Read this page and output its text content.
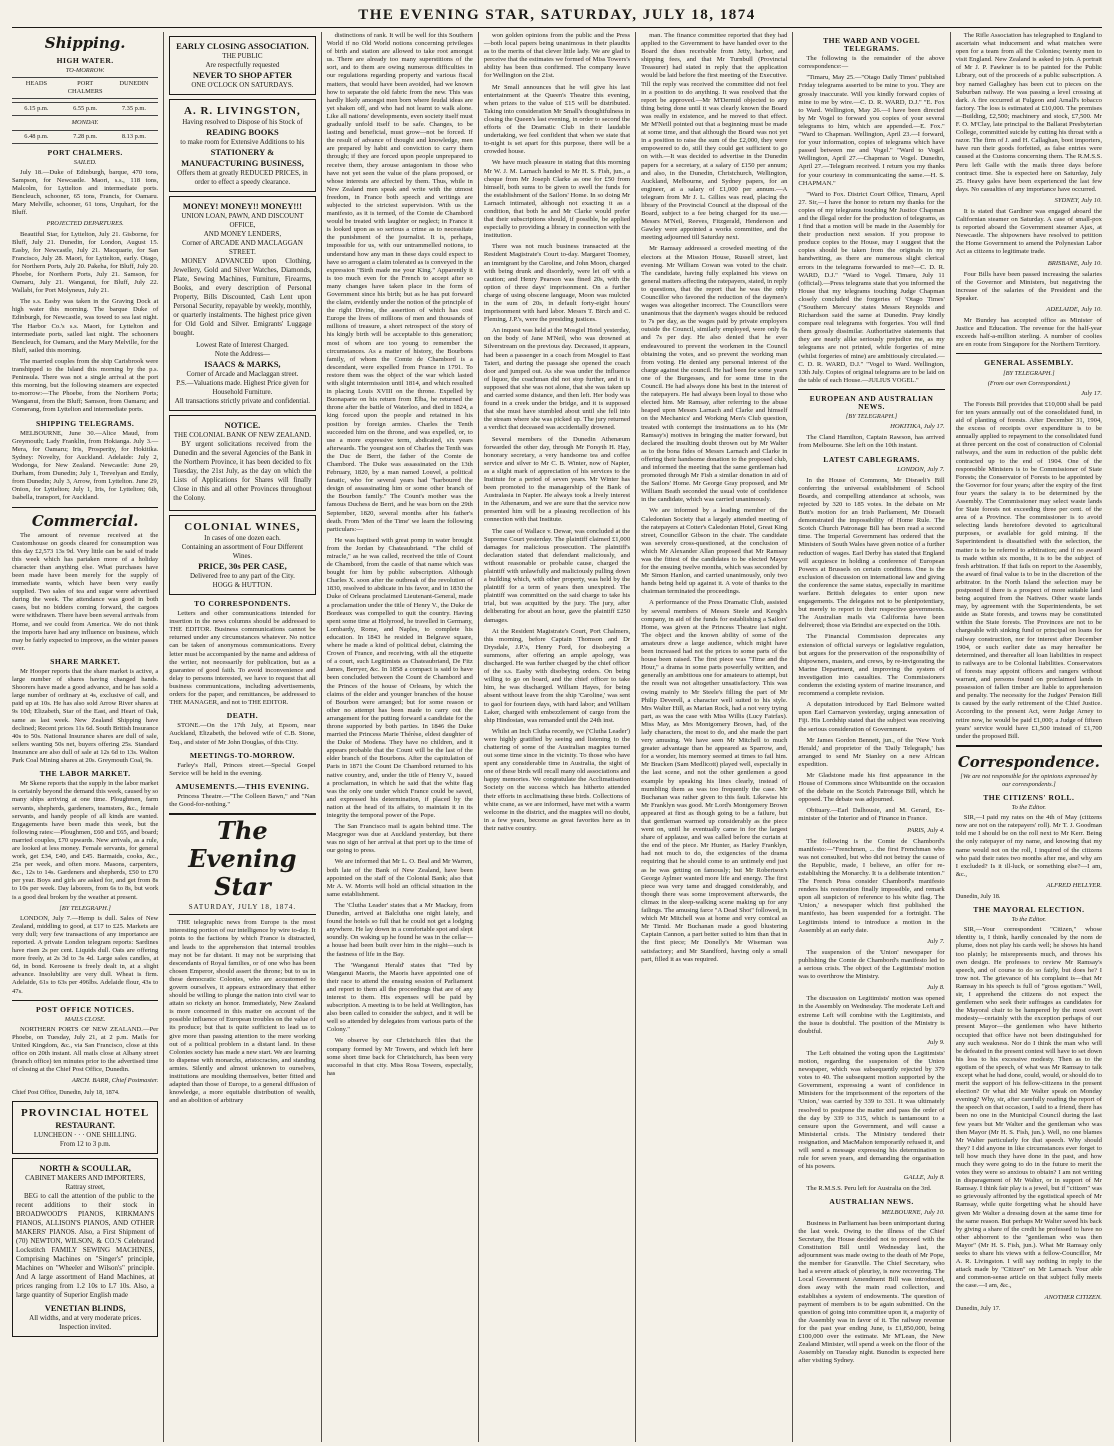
THE EVENING STAR, SATURDAY, JULY 18, 1874
Shipping.
HIGH WATER.
TO-MORROW.
HEADS	PORT CHALMERS
DUNEDIN
6.15 p.m.	6.55 p.m.	7.35 p.m.
MONDAY.
6.48 p.m.	7.28 p.m.	8.13 p.m.
PORT CHALMERS.
SAILED.

July 18.—Duke of Edinburgh, barque, 470 tons, Sampson, for Newcastle. Maori, s.s., 118 tons, Malcolm, for Lyttelton and intermediate ports. Bencleuch, schooner, 65 tons, Francis, for Oamaru. Mary Melville, schooner, 61 tons, Urquhart, for the Bluff.

PROJECTED DEPARTURES.

Beautiful Star, for Lyttelton, July 21. Gisborne, for Bluff, July 21. Dunedin, for London, August 15. Easby, for Newcastle, July 21. Macquarie, for San Francisco, July 28. Maori, for Lyttelton, early. Otago, for Northern Ports, July 20. Pakeha, for Bluff, July 20. Phoebe, for Northern Ports, July 21. Samson, for Oamaru, July 21. Wanganui, for Bluff, July 22. Wallabi, for Port Molyneux, July 21.

The s.s. Easby was taken in the Graving Dock at high water this morning. The barque Duke of Edinburgh, for Newcastle, was towed to sea last night. The Harbor Co.'s s.s. Maori, for Lyttelton and intermediate ports, sailed last night. The schooners Bencleuch, for Oamaru, and the Mary Melville, for the Bluff, sailed this morning.

The married couples from the ship Carisbrook were transhipped to the Island this morning by the p.s. Peninsula. There was not a single arrival at the port this morning, but the following steamers are expected to-morrow:—The Phoebe, from the Northern Ports; Wanganui, from the Bluff; Samson, from Oamaru; and Comerang, from Lyttelton and intermediate ports.

SHIPPING TELEGRAMS.

MELBOURNE, June 30.—Alice Maud, from Greymouth; Lady Franklin, from Hokianga. July 3.—Mera, for Oamaru; Iris, Prosperity, for Hokitika. Sydney: Novelty, for Auckland. Adelaide: July 2, Wodonga, for New Zealand. Newcastle: June 29, Durham, from Dunedin; July 1, Trevelyan and Emily, from Dunedin; July 3, Arrow, from Lyttelton. June 29, Onion, for Lyttelton; July 1, Iris, for Lyttelton; 6th, Isabella, transport, for Auckland.

Commercial.

The amount of revenue received at the Customhouse on goods cleared for consumption was this day £2,573 13s 9d. Very little can be said of trade this week which has partaken more of a holiday character than anything else. What purchases have been made have been merely for the supply of immediate wants, which have been very easily supplied. Two sales of tea and sugar were advertised during the week. The attendance was good in both cases, but no bidders coming forward, the cargoes were withdrawn. There have been several arrivals from Home, and we could from America. We do not think the imports have had any influence on business, which may be fairly expected to improve, as the winter passes over.

SHARE MARKET.

Mr Hooper reports that the share market is active, a large number of shares having changed hands. Shoorers have made a good advance, and he has sold a large number of ordinary at 4s, exclusive of call, and paid up at 10s. He has also sold Arrow River shares at 9s 10d; Elizabeth, Star of the East, and Heart of Oak, same as last week. New Zealand Shipping have declined; Recent prices 11s 6d. South British Insurance 40s to 50s. National Insurance shares are dull of sale, sellers wanting 50s net, buyers offering 25s. Standard Insurance are also dull of sale at 12s 6d to 13s. Walton Park Coal Mining shares at 20s. Greymouth Coal, 9s.

THE LABOR MARKET.

Mr Skene reports that the supply in the labor market is certainly beyond the demand this week, caused by so many ships arriving at one time. Ploughmen, farm servants, shepherds, gardeners, teamsters, &c., female servants, and handy people of all kinds are wanted. Engagements have been made this week, but the following rates:—Ploughmen, £60 and £65, and board; married couples, £70 upwards. New arrivals, as a rule, are looked at less money. Female servants, for general work, get £34, £40, and £45. Barmaids, cooks, &c., 25s per week, and often more. Masons, carpenters, &c., 12s to 14s. Gardeners and shepherds, £50 to £70 per year. Boys and girls are asked for, and get from 8s to 10s per week. Day laborers, from 6s to 8s, but work is a good deal broken by the weather at present.

[BY TELEGRAPH.]

LONDON, July 7.—Hemp is dull. Sales of New Zealand, middling to good, at £17 to £25. Markets are very dull; very few transactions of any importance are reported. A private London telegram reports: Sardines have risen 2s per cent. Liquids dull. Oats are offering more freely, at 2s 3d to 3s 4d. Large sales candles, at 6d, in bond. Kerosene is freely dealt in, at a slight advance. Insolubility are very dull. Wheat is firm. Adelaide, 61s to 63s per 496lbs. Adelaide flour, 43s to 47s.

POST OFFICE NOTICES.
MAILS CLOSE.

NORTHERN PORTS OF NEW ZEALAND.—Per Phoebe, on Tuesday, July 21, at 2 p.m. Mails for United Kingdom, &c., via San Francisco, close at this office on 20th instant. All mails close at Albany street (branch office) ten minutes prior to the advertised time of closing at the Chief Post Office, Dunedin.

ARCH. BARR, Chief Postmaster.
Chief Post Office, Dunedin, July 18, 1874.
PROVINCIAL HOTEL
RESTAURANT.
LUNCHEON · · · ONE SHILLING.
From 12 to 3 p.m.
NORTH & SCOULLAR,
CABINET MAKERS AND IMPORTERS,
Rattray street,

BEG to call the attention of the public to the recent additions to their stock in BROADWOOD'S PIANOS, KIRKMAN'S PIANOS, ALLISON'S PIANOS, AND OTHER MAKERS' PIANOS. Also, a First Shipment of (70) NEWTON, WILSON, & CO.'S Celebrated Lockstitch FAMILY SEWING MACHINES, Comprising Machines on "Singer's" principle, Machines on "Wheeler and Wilson's" principle. And A large assortment of Hand Machines, at prices ranging from 1.2 10s to L7 10s. Also, a large quantity of Superior English made

VENETIAN BLINDS,
All widths, and at very moderate prices.
Inspection invited.
EARLY CLOSING ASSOCIATION.
THE PUBLIC
Are respectfully requested
NEVER TO SHOP AFTER
ONE O'CLOCK ON SATURDAYS.
A. R. LIVINGSTON,
Having resolved to Dispose of his Stock of
READING BOOKS
to make room for Extensive Additions to his
STATIONERY & MANUFACTURING BUSINESS,
Offers them at greatly REDUCED PRICES, in order to effect a speedy clearance.
MONEY! MONEY!! MONEY!!!
UNION LOAN, PAWN, AND DISCOUNT OFFICE,
AND MONEY LENDERS,
Corner of ARCADE AND MACLAGGAN STREET.

MONEY ADVANCED upon Clothing, Jewellery, Gold and Silver Watches, Diamonds, Plate, Sewing Machines, Furniture, Firearms, Books, and every description of Personal Property, Bills Discounted, Cash Lent upon Personal Security, repayable by weekly, monthly, or quarterly instalments. The highest price given for Old Gold and Silver. Emigrants' Luggage bought.

Lowest Rate of Interest Charged.
Note the Address—
ISAACS & MARKS,
Corner of Arcade and Maclaggan street.
P.S.—Valuations made. Highest Price given for Household Furniture.
All transactions strictly private and confidential.
NOTICE.
THE COLONIAL BANK OF NEW ZEALAND.

BY urgent solicitations received from the Dunedin and the several Agencies of the Bank in the Northern Province, it has been decided to fix Tuesday, the 21st July, as the day on which the Lists of Applications for Shares will finally Close in this and all other Provinces throughout the Colony.

COLONIAL WINES,
In cases of one dozen each.
Containing an assortment of Four Different Wines.
PRICE, 30s PER CASE,
Delivered free to any part of the City.
HOGG & HUTTON.
TO CORRESPONDENTS.

Letters and other communications intended for insertion in the news columns should be addressed to THE EDITOR. Business communications cannot be returned under any circumstances whatever. No notice can be taken of anonymous communications. Every letter must be accompanied by the name and address of the writer, not necessarily for publication, but as a guarantee of good faith. To avoid inconvenience and delay to persons interested, we have to request that all business communications, including advertisements, orders for the paper, and remittances, be addressed to THE MANAGER, and not to THE EDITOR.

DEATH.

STONE.—On the 17th July, at Epsom, near Auckland, Elizabeth, the beloved wife of C.B. Stone, Esq., and sister of Mr John Douglas, of this City.

MEETINGS-TO-MORROW.

Farley's Hall, Princes street.—Special Gospel Service will be held in the evening.

AMUSEMENTS.—THIS EVENING.

Princess Theatre.—"The Colleen Bawn," and "Nan the Good-for-nothing."

The Evening Star
SATURDAY, JULY 18, 1874.

THE telegraphic news from Europe is the most interesting portion of our intelligence by wire to-day. It points to the factions by which France is distracted, and leads to the apprehension that internal troubles may not be far distant. It may not be surprising that descendants of Royal families, or of one who has been chosen Emperor, should assert the throne; but to us in these democratic Colonies, who are accustomed to govern ourselves, it appears extraordinary that either should be willing to plunge the nation into civil war to attain so rickety an honor. Immediately, New Zealand is more concerned in this matter on account of the possible influence of European troubles on the value of its produce; but that is quite sufficient to lead us to give more than passing attention to the mere working out of a political problem in a distant land. In these Colonies society has made a new start. We are learning to dispense with monarchs, aristocracies, and standing armies. Silently and almost unknown to ourselves, institutions are moulding themselves, better fitted and adapted than those of Europe, to a general diffusion of knowledge, a more equitable distribution of wealth, and an abolition of arbitrary

distinctions of rank. It will be well for this Southern World if no Old World notions concerning privileges of birth and station are allowed to take root amongst us. There are already too many superstitions of the sort, and to them are owing numerous difficulties in our regulations regarding property and various fiscal matters, that would have been avoided, had we known how to separate the old fabric from the new. This was hardly likely amongst men born where feudal ideas are yet shaken off, and who had not learnt to walk alone. Like all nations' developments, even society itself must gradually unfold itself to be safe. Changes, to be lasting and beneficial, must grow—not be forced. If the result of advance of thought and knowledge, men are prepared by habit and conviction to carry them through; if they are forced upon people unprepared to receive them, they arouse antagonism in those who have not yet seen the value of the plans proposed, or whose interests are affected by them. Thus, while in New Zealand men speak and write with the utmost freedom, in France both speech and writings are subjected to the strictest supervision. With us the manifesto, as it is termed, of the Comte de Chambord would be treated with laughter or neglect; in France it is looked upon as so serious a crime as to necessitate the punishment of the journalist. It is, perhaps, impossible for us, with our untrammelled notions, to understand how any man in these days could expect to have so arrogant a claim tolerated as is conveyed in the expression "Birth made me your King." Apparently it is too much even for the French to accept after so many changes have taken place in the form of Government since his birth; but as he has put forward the claim, evidently under the notion of the principle of the right Divine, the assertion of which has cost Europe the lives of millions of men and thousands of millions of treasure, a short retrospect of the story of his kingly birth will be acceptable to this generation; most of whom are too young to remember the circumstances. As a matter of history, the Bourbons family, of whom the Comte de Chambord is a descendant, were expelled from France in 1791. To restore them was the object of the war which lasted with slight intermission until 1814, and which resulted in placing Louis XVIII on the throne. Expelled by Buonaparte on his return from Elba, he returned the throne after the battle of Waterloo, and died in 1824, a king forced upon the people and retained in his position by foreign armies. Charles the Tenth succeeded him on the throne, and was expelled, or, to use a more expressive term, abdicated, six years afterwards. The youngest son of Charles the Tenth was the Duc de Berri, the father of the Comte de Chambord. The Duke was assassinated on the 13th February, 1820, by a man named Louvel, a political fanatic, who for several years had "harboured the design of assassinating him or some other branch of the Bourbon family." The Count's mother was the famous Duchess de Berri, and he was born on the 29th September, 1820, several months after his father's death. From 'Men of the Time' we learn the following particulars:—

He was baptised with great pomp in water brought from the Jordan by Chateaubriand. "The child of miracle," as he was called, received the title of Count de Chambord, from the castle of that name which was bought for him by public subscription. Although Charles X. soon after the outbreak of the revolution of 1830, resolved to abdicate in his favor, and in 1830 the Duke of Orleans proclaimed Lieutenant-General, made a proclamation under the title of Henry V., the Duke de Bordeaux was compelled to quit the country. Having spent some time at Holyrood, he travelled in Germany, Lombardy, Rome, and Naples, to complete his education. In 1843 he resided in Belgrave square, where he made a kind of political debut, claiming the Crown of France, and receiving, with all the etiquette of a court, such Legitimists as Chateaubriand, De Fitz James, Berryer, &c. In 1858 a compact is said to have been concluded between the Count de Chambord and the Princes of the house of Orleans, by which the claims of the elder and younger branches of the house of Bourbon were arranged; but for some reason or other no attempt has been made to carry out the arrangement for the putting forward a candidate for the throne supported by both parties. In 1846 the Duke married the Princess Marie Thérèse, eldest daughter of the Duke of Modena. They have no children, and it appears probable that the Count will be the last of the elder branch of the Bourbons. After the capitulation of Paris in 1871 the Count De Chambord returned to his native country, and, under the title of Henry V., issued a proclamation, in which he said that the white flag was the only one under which France could be saved, and expressed his determination, if placed by the nation at the head of its affairs, to maintain it in its integrity the temporal power of the Pope.

The San Francisco mail is again behind time. The Macgregor was due at Auckland yesterday, but there was no sign of her arrival at that port up to the time of our going to press.

We are informed that Mr L. O. Beal and Mr Warren, both late of the Bank of New Zealand, have been appointed on the staff of the Colonial Bank; also that Mr A. W. Morris will hold an official situation in the same establishment.

The 'Clutha Leader' states that a Mr Mackay, from Dunedin, arrived at Balclutha one night lately, and found the hotels so full that he could not get a lodging anywhere. He lay down in a comfortable spot and slept soundly. On waking up he found he was in the cellar—a house had been built over him in the night—such is the fastness of life in the Bay.

The 'Wanganui Herald' states that "Ted by Wanganui Maoris, the Maoris have appointed one of their race to attend the ensuing session of Parliament and report to them all the proceedings that are of any interest to them. His expenses will be paid by subscription. A meeting is to be held at Wellington, has also been called to consider the subject, and it will be well so attended by delegates from various parts of the Colony."

We observe by our Christchurch files that the company formed by Mr Towers, and which left here some short time back for Christchurch, has been very successful in that city. Miss Rosa Towers, especially, has

won golden opinions from the public and the Press—both local papers being unanimous in their plaudits as to the merits of that clever little lady. We are glad to perceive that the estimates we formed of Miss Towers's ability has been thus confirmed. The company leave for Wellington on the 21st.

Mr Small announces that he will give his last entertainment at the Queen's Theatre this evening, when prizes to the value of £15 will be distributed. Taking into consideration Mr Small's thoughtfulness in closing the Queen's last evening, in order to second the efforts of the Dramatic Club in their laudable undertaking, we feel confident that when we state that to-night is set apart for this purpose, there will be a crowded house.

We have much pleasure in stating that this morning Mr W. J. M. Larnach handed to Mr H. S. Fish, jun., a cheque from Mr Joseph Clarke as one for £50 from himself, both sums to be given to swell the funds for the establishment of the Sailors' Home. In so doing Mr Larnach intimated, although not exacting it as a condition, that both he and Mr Clarke would prefer that their subscriptions should, if possible, be applied especially to providing a library in connection with the institution.

There was not much business transacted at the Resident Magistrate's Court to-day. Margaret Toomey, an immigrant by the Caroline, and John Moon, charged with being drunk and disorderly, were let off with a caution; and Henry Pearson was fined 20s, with the option of three days' imprisonment. On a further charge of using obscene language, Moon was mulcted in the sum of 20s, in default forty-eight hours' imprisonment with hard labor. Messrs T. Birch and C. Fleming, J.P.'s, were the presiding justices.

An inquest was held at the Mosgiel Hotel yesterday, on the body of Jane M'Neil, who was drowned at Silverstream on the previous day. Deceased, it appears, had been a passenger in a coach from Mosgiel to East Taieri, and during the passage she opened the coach door and jumped out. As she was under the influence of liquor, the coachman did not stop further, and it is supposed that she was not alone, that she was taken up and carried some distance, and then left. Her body was found in a creek under the bridge, and it is supposed that she must have stumbled about until she fell into the stream where she was picked up. The jury returned a verdict that deceased was accidentally drowned.

Several members of the Dunedin Athenæum forwarded the other day, through Mr Forsyth H. Hay, honorary secretary, a very handsome tea and coffee service and silver to Mr C. B. Winter, now of Napier, as a slight mark of appreciation of his services to the Institute for a period of seven years. Mr Winter has been promoted to the managership of the Bank of Australasia in Napier. He always took a lively interest in the Athenæum, and we are sure that the service now presented him will be a pleasing recollection of his connection with that Institute.

The case of Wallace v. Dewar, was concluded at the Supreme Court yesterday. The plaintiff claimed £1,000 damages for malicious prosecution. The plaintiff's declaration stated that defendant maliciously, and without reasonable or probable cause, charged the plaintiff with unlawfully and maliciously pulling down a building which, with other property, was held by the plaintiff for a term of years then unexpired. The plaintiff was committed on the said charge to take his trial, but was acquitted by the jury. The jury, after deliberating for about an hour, gave the plaintiff £250 damages.

At the Resident Magistrate's Court, Port Chalmers, this morning, before Captain Thomson and Dr Drysdale, J.P.'s, Henry Ford, for disobeying a summons, after offering an ample apology, was discharged. He was further charged by the chief officer of the s.s. Easby with disobeying orders. On being willing to go on board, and the chief officer to take him, he was discharged. William Hayes, for being absent without leave from the ship 'Caroline,' was sent to gaol for fourteen days, with hard labor; and William Laker, charged with embezzlement of cargo from the ship Hindostan, was remanded until the 24th inst.

Whilst an Inch Clutha recently, we ('Clutha Leader') were highly gratified by seeing and listening to the chattering of some of the Australian magpies turned out some time since in the vicinity. To those who have spent any considerable time in Australia, the sight of one of these birds will recall many old associations and happy memories. We congratulate the Acclimatisation Society on the success which has hitherto attended their efforts in acclimatising these birds. Collections of white crane, as we are informed, have met with a warm welcome in the district, and the magpies will no doubt, in a few years, become as great favorites here as in their native country.

man. The finance committee reported that they had applied to the Government to have handed over to the Board the dues receivable from Jetty, harbor, and shipping fees, and that Mr Turnbull (Provincial Treasurer) had stated in reply that the application would be laid before the first meeting of the Executive. Till the reply was received the committee did not feel in a position to do anything. It was resolved that the report be approved.—Mr M'Dermid objected to any thing being done until it was clearly known the Board was really in existence, and he moved to that effect. Mr M'Neill pointed out that a beginning must be made at some time, and that although the Board was not yet in a position to raise the sum of the £2,000, they were empowered to do, still they could get sufficient to go on with.—It was decided to advertise in the Dunedin papers for a secretary, at a salary of £150 per annum; and also, in the Dunedin, Christchurch, Wellington, Auckland, Melbourne, and Sydney papers, for an engineer, at a salary of £1,000 per annum.—A telegram from Mr J. L. Gillies was read, placing the library of the Provincial Council at the disposal of the Board, subject to a fee being charged for its use.—Messrs M'Neil, Reeves, Fitzgerald, Henderson and Gawley were appointed a works committee, and the meeting adjourned till Saturday next.

Mr Ramsay addressed a crowded meeting of the electors at the Mission House, Russell street, last evening. Mr William Cowan was voted to the chair. The candidate, having fully explained his views on general matters affecting the ratepayers, stated, in reply to questions, that the report that he was the only Councillor who favored the reduction of the daymen's wages was altogether incorrect. The Councillors were unanimous that the daymen's wages should be reduced to 7s per day, as the wages paid by private employers outside the Council, similarly employed, were only 6s and 7s per day. He also denied that he ever endeavoured to prevent the workmen in the Council obtaining the votes, and so prevent the working man from voting. He denied any personal interest of the charge against the council. He had been for some years one of the Burgesses, and for some time in the Council. He had always done his best in the interest of the ratepayers. He had always been loyal to those who elected him. Mr Ramsay, after referring to the abuse heaped upon Messrs Larnach and Clarke and himself on the Mechanics' and Working Men's Club question, treated with contempt the insinuations as to his (Mr Ramsay's) motives in bringing the matter forward, but declared the insulting doubt thrown out by Mr Walter as to the bona fides of Messrs Larnach and Clarke in offering their handsome donation to the proposed club, and informed the meeting that the same gentleman had promoted through Mr Fish a similar donation in aid of the Sailors' Home. Mr George Gray proposed, and Mr William Beath seconded the usual vote of confidence in the candidate, which was carried unanimously.

We are informed by a leading member of the Caledonian Society that a largely attended meeting of the ratepayers at Cotter's Caledonian Hotel, Great King street, Councillor Gibson in the chair. The candidate was severely cross-questioned, at the conclusion of which Mr Alexander Allan proposed that Mr Ramsay was the fittest of the candidates to be elected Mayor for the ensuing twelve months, which was seconded by Mr Simon Hanlon, and carried unanimously, only two hands being held up against it. A vote of thanks to the chairman terminated the proceedings.

A performance of the Press Dramatic Club, assisted by several members of Messrs Steele and Keogh's company, in aid of the funds for establishing a Sailors' Home, was given at the Princess Theatre last night. The object and the known ability of some of the amateurs drew a large audience, which might have been increased had not the prices to some parts of the house been raised. The first piece was "Time and the Hour," a drama in some parts powerfully written, and generally an ambitious one for amateurs to attempt, but the result was not altogether unsatisfactory. This was owing mainly to Mr Steele's filling the part of Mr Philip Deverell, a character well suited to his style. Mrs Walter Hill, as Marian Rock, had a not very trying part, as was the case with Miss Willis (Lucy Fairfax). Miss May, as Mrs Montgomery Brown, had, of the lady characters, the most to do, and she made the part very amusing. We have seen Mr Mitchell to much greater advantage than he appeared as Sparrow, and, for a wonder, his memory seemed at times to fail him. Mr Bracken (Sam Medlicott) played well, especially in the last scene, and not the other gentlemen a good example by speaking his lines clearly, instead of mumbling them as was too frequently the case. Mr Buchanan was rather given to this fault. Likewise his Mr Franklyn was good. Mr Lord's Montgomery Brown appeared at first as though going to be a failure, but that gentleman warmed up considerably as the piece went on, until he eventually came in for the largest share of applause, and was called before the curtain at the end of the piece. Mr Hunter, as Harley Franklyn, had not much to do, the exigencies of the drama requiring that he should come to an untimely end just as he was getting on famously; but Mr Robertson's George Aylmer wanted more life and energy. The first piece was very tame and dragged considerably, and though there was some improvement afterwards, the climax in the sleep-walking scene making up for any failings. The amusing farce "A Dead Shot" followed, in which Mr Mitchell was at home and very comical as Mr Timid. Mr Buchanan made a good blustering Captain Cannon, a part better suited to him than that in the first piece; Mr Donelly's Mr Wiseman was satisfactory; and Mr Standford, having only a small part, filled it as was required.

THE WARD AND VOGEL TELEGRAMS.

The following is the remainder of the above correspondence:—

"Timaru, May 25.—"Otago Daily Times' published Friday telegrams asserted to be mine to you. They are grossly inaccurate. Will you kindly forward copies of mine to me by wire.—C. D. R. WARD, D.J." "E. Fox to Ward. Wellington, May 26.—I have been directed by Mr Vogel to forward you copies of your several telegrams to him, which are appended.—E. Fox." "Ward to Chapman. Wellington, April 23.—I forward, for your information, copies of telegrams which have passed between me and Vogel." "Ward to Vogel. Wellington, April 27.—Chapman to Vogel. Dunedin, April 27.—Telegram received. I return you my thanks for your courtesy in communicating the same.—H. S. CHAPMAN."

"Ward to Fox. District Court Office, Timaru, April 27. Sir,—I have the honor to return my thanks for the copies of my telegrams touching Mr Justice Chapman and the illegal order for the production of telegrams, as I find that a motion will be made in the Assembly for their production next session. If you propose to produce copies to the House, may I suggest that the copies should be taken from the originals in my handwriting, as there are numerous slight clerical errors in the telegrams forwarded to me?—C. D. R. WARD, D.J." "Ward to Vogel. Timaru, July 11 (official).—Press telegrams state that you informed the House that my telegrams touching Judge Chapman closely concluded the forgeries of 'Otago Times' ("Southern Mercury' states Messrs Reynolds and Richardson said the same at Dunedin. Pray kindly compare real telegrams with forgeries. You will find them grossly dissimilar. Authoritative statements that they are nearly alike seriously prejudice me, as my telegrams are not printed, while forgeries of mine (whilst forgeries of mine) are ambitiously circulated.—C. D. R. WARD, D.J." "Vogel to Ward. Wellington, 13th July. Copies of original telegrams are to be laid on the table of each House.—JULIUS VOGEL."

EUROPEAN AND AUSTRALIAN NEWS.
[BY TELEGRAPH.]
HOKITIKA, July 17.

The Cland Hamilton, Captain Rawson, has arrived from Melbourne. She left on the 10th instant.

LATEST CABLEGRAMS.
LONDON, July 7.

In the House of Commons, Mr Disraeli's Bill conferring the universal establishment of School Boards, and compelling attendance at schools, was rejected by 320 to 185 votes. In the debate on Mr Butt's motion for an Irish Parliament, Mr Disraeli demonstrated the impossibility of Home Rule. The Scotch Church Patronage Bill has been read a second time. The Imperial Government has ordered that the Ministers of South Wales have given notice of a further reduction of wages. Earl Derby has stated that England will acquiesce in holding a conference of European Powers at Brussels on certain conditions. One is the exclusion of discussion on international law and giving the conference the same status, especially in maritime warfare. British delegates to enter upon new engagements. The delegates not to be plenipotentiary, but merely to report to their respective governments. The Australian mails via California have been delivered; those via Brindisi are expected on the 10th.

The Financial Commission deprecates any extension of official surveys or legislative regulation, but argues for the preservation of the responsibility of shipowners, masters, and crews, by re-invigorating the Marine Department, and improving the system of investigation into casualties. The Commissioners condemn the existing system of marine insurance, and recommend a complete revision.

A deputation introduced by Earl Belmore waited upon Earl Carnarvon yesterday, urging annexation of Fiji. His Lordship stated that the subject was receiving the serious consideration of Government.

Mr James Gordon Bennett, jun., of the 'New York Herald,' and proprietor of the 'Daily Telegraph,' has arranged to send Mr Stanley on a new African expedition.

Mr Gladstone made his first appearance in the House of Commons since Whitsuntide on the occasion of the debate on the Scotch Patronage Bill, which he opposed. The debate was adjourned.

Obituary.—Earl Dalhousie, and M. Gerard, Ex-minister of the Interior and of Finance in France.

PARIS, July 4.

The following is the Comte de Chambord's manifesto:—"Frenchmen, ... the first Frenchman who was not consulted, but who did not betray the cause of the Republic, made, I believe, an offer for re-establishing the Monarchy. It is a deliberate intention." The French Press consider Chambord's manifesto renders his restoration finally impossible, and remark upon all suspicion of reference to his white flag. The 'Union,' a newspaper which first published the manifesto, has been suspended for a fortnight. The Legitimists intend to introduce a motion in the Assembly at an early date.

July 7.

The suspension of the 'Union' newspaper for publishing the Comte de Chambord's manifesto led to a serious crisis. The object of the Legitimists' motion was to overthrow the Ministry.

July 8.

The discussion on Legitimists' motion was opened in the Assembly on Wednesday. The moderate Left and extreme Left will combine with the Legitimists, and the issue is doubtful. The position of the Ministry is doubtful.

July 9.

The Left obtained the voting upon the Legitimists' motion, regarding the suspension of the Union newspaper, which was subsequently rejected by 379 votes to 40. The subsequent motion supported by the Government, expressing a want of confidence in Ministers for the imprisonment of the reporters of the 'Union,' was carried by 339 to 331. It was ultimately resolved to postpone the matter and pass the order of the day by 339 to 315, which is tantamount to a censure upon the Government, and will cause a Ministerial crisis. The Ministry tendered their resignation, and MacMahon temporarily refused it, and will send a message expressing his determination to rule for seven years, and demanding the organisation of his powers.

GALLE, July 8.

The R.M.S.S. Peru left for Australia on the 3rd.

AUSTRALIAN NEWS.
MELBOURNE, July 10.

Business in Parliament has been unimportant during the last week. Owing to the illness of the Chief Secretary, the House decided not to proceed with the Constitution Bill until Wednesday last, the adjournment was made owing to the death of Mr Pope, the member for Granville. The Chief Secretary, who had a severe attack of pleurisy, is now recovering. The Local Government Amendment Bill was introduced, does away with the main road collection, and establishes a system of endowments. The question of payment of members is to be again submitted. On the question of going into committee upon it, a majority of the Assembly was in favor of it. The railway revenue for the past year ending June, is £1,850,000, being £100,000 over the estimate. Mr M'Lean, the New Zealand Minister, will spend a week on the floor of the Assembly on Tuesday night. Bunodin is expected here after visiting Sydney.

The Rifle Association has telegraphed to England to ascertain what inducement and what matches were open for a team from all the Colonies; twenty men to visit England. New Zealand is asked to join. A portrait of Mr J. P. Fawkner is to be painted for the Public Library, out of the proceeds of a public subscription. A boy named Gallaghey has been cut to pieces on the Suburban railway. He was passing a level crossing at dark. A fire occurred at Fulgeon and Arnall's tobacco factory. The loss is estimated at £10,000. The premises—Building, £2,500; machinery and stock, £7,500. Mr F. O. M'Clay, late principal to the Ballarat Presbyterian College, committed suicide by cutting his throat with a razor. The firm of J. and H. Callaghan, boot importers, have run their goods forfeited, as false entries were caused at the Customs concerning them. The R.M.S.S. Peru left Galle with the mails three days before contract time. She is expected here on Saturday, July 25. Heavy gales have been experienced the last few days. No casualties of any importance have occurred.

SYDNEY, July 10.

It is stated that Gardiner was engaged aboard the Californian steamer on Saturday. A case of small-pox is reported aboard the Government steamer Ajax, at Newcastle. The shipowners have resolved to petition the Home Government to amend the Polynesian Labor Act as citizens to legitimate trade.

BRISBANE, July 10.

Four Bills have been passed increasing the salaries of the Governor and Ministers, but negativing the increase of the salaries of the President and the Speaker.

ADELAIDE, July 10.

Mr Bundey has accepted office as Minister of Justice and Education. The revenue for the half-year exceeds half-a-million sterling. A number of coolies are en route from Singapore for the Northern Territory.

GENERAL ASSEMBLY.
[BY TELEGRAPH.]
(From our own Correspondent.)
July 17.

The Forests Bill provides that £10,000 shall be paid for ten years annually out of the consolidated fund, in aid of planting of forests. After December 31, 1904, the excess of receipts over expenditure is to be annually applied to repayment to the consolidated fund at three percent on the cost of construction of Colonial railways, and the sum in reduction of the public debt contracted up to the end of 1904. One of the responsible Ministers is to be Commissioner of State Forests; the Conservator of Forests to be appointed by the Governor for four years; after the expiry of the first four years the salary is to be determined by the Assembly. The Commissioner may select waste lands for State forests not exceeding three per cent. of the area of a Province. The commissioner is to avoid selecting lands heretofore devoted to agricultural purposes, or available for gold mining. If the Superintendent is dissatisfied with the selection, the matter is to be referred to arbitration; and if no award is made within six months, it is to be the subject of fresh arbitration. If that fails on report to the Assembly, the award of final value is to be in the discretion of the arbitrator. In the North Island the selection may be postponed if there is a prospect of more suitable land being acquired from the Natives. Other waste lands may, by agreement with the Superintendents, be set aside as State forests, and towns may be constituted within the State forests. The Provinces are not to be chargeable with sinking fund or principal on loans for railway construction, nor for interest after December 1904, or such earlier date as may hereafter be determined, and thereafter all loan liabilities in respect to railways are to be Colonial liabilities. Conservators of forests may appoint officers and rangers without warrant, and persons found on proclaimed lands in possession of fallen timber are liable to apprehension and penalty. The necessity for the Judges' Pension Bill is caused by the early retirement of the Chief Justice. According to the present Act, were Judge Arney to retire now, he would be paid £1,000; a Judge of fifteen years' service would have £1,500 instead of £1,700 under the proposed Bill.

Correspondence.
[We are not responsible for the opinions expressed by our correspondents.]
THE CITIZENS' ROLL.
To the Editor.

SIR,—I paid my rates on the 4th of May (citizens now are not on the ratepayers' roll). Mr T. J. Goodman told me I should be on the roll next to Mr Kerr. Being the only ratepayer of my name, and knowing that my name would not on the roll, I inquired of the citizens who paid their rates two months after me, and why am I excluded? Is it ill-luck, or something else?—I am, &c.,

ALFRED HELLYER.
Dunedin, July 18.
THE MAYORAL ELECTION.
To the Editor.

SIR,—Your correspondent "Citizen," whose identity is, I think, hardly concealed by the nom de plume, does not play his cards well; he shows his hand too plainly; he misrepresents much, and throws his own design. He professes to review Mr Ramsay's speech, and of course to do so fairly, but does he? I trow not. The grievance of his complaint is—that Mr Ramsay in his speech is full of "gross egotism." Well, sir, I apprehend the citizens do not expect the gentlemen who seek their suffrages as candidates for the Mayoral chair to be hampered by the most overt modesty—certainly with the exception perhaps of our present Mayor—the gentlemen who have hitherto occupied that office have not been distinguished for any such weakness. Nor do I think the man who will be defeated in the present contest will have to set down his loss to his excessive modesty. Then as to the egotism of the speech, of what was Mr Ramsay to talk except what he had done, could, would, or should do to merit the support of his fellow-citizens in the present election? Or what did Mr Walter speak on Monday evening? Why, sir, after carefully reading the report of the speech on that occasion, I said to a friend, there has been no one in the Municipal Council during the last few years but Mr Walter and the gentleman who was then Mayor (Mr H. S. Fish, jun.). Well, no one blames Mr Walter particularly for that speech. Why should they? I did anyone in like circumstances ever forget to tell how much they have done in the past, and how much they were going to do in the future to merit the votes they were so anxious to obtain? I am not writing in disparagement of Mr Walter, or in support of Mr Ramsay. I think fair play is a jewel, but if "citizen" was so grievously affronted by the egotistical speech of Mr Ramsay, while quite forgetting what he should have given Mr Walter a dressing down at the same time for the same reason. But perhaps Mr Walter saved his back by giving a share of the credit he professed to have no other abhorrent to the "gentleman who was then Mayor" (Mr H. S. Fish, jun.). What Mr Ramsay only seeks to share his views with a fellow-Councillor, Mr A. R. Livingston. I will say nothing in reply to the attack made by "Citizen" on Mr Larnach. Your able and common-sense article on that subject fully meets the case.—I am, &c.,

ANOTHER CITIZEN.
Dunedin, July 17.
